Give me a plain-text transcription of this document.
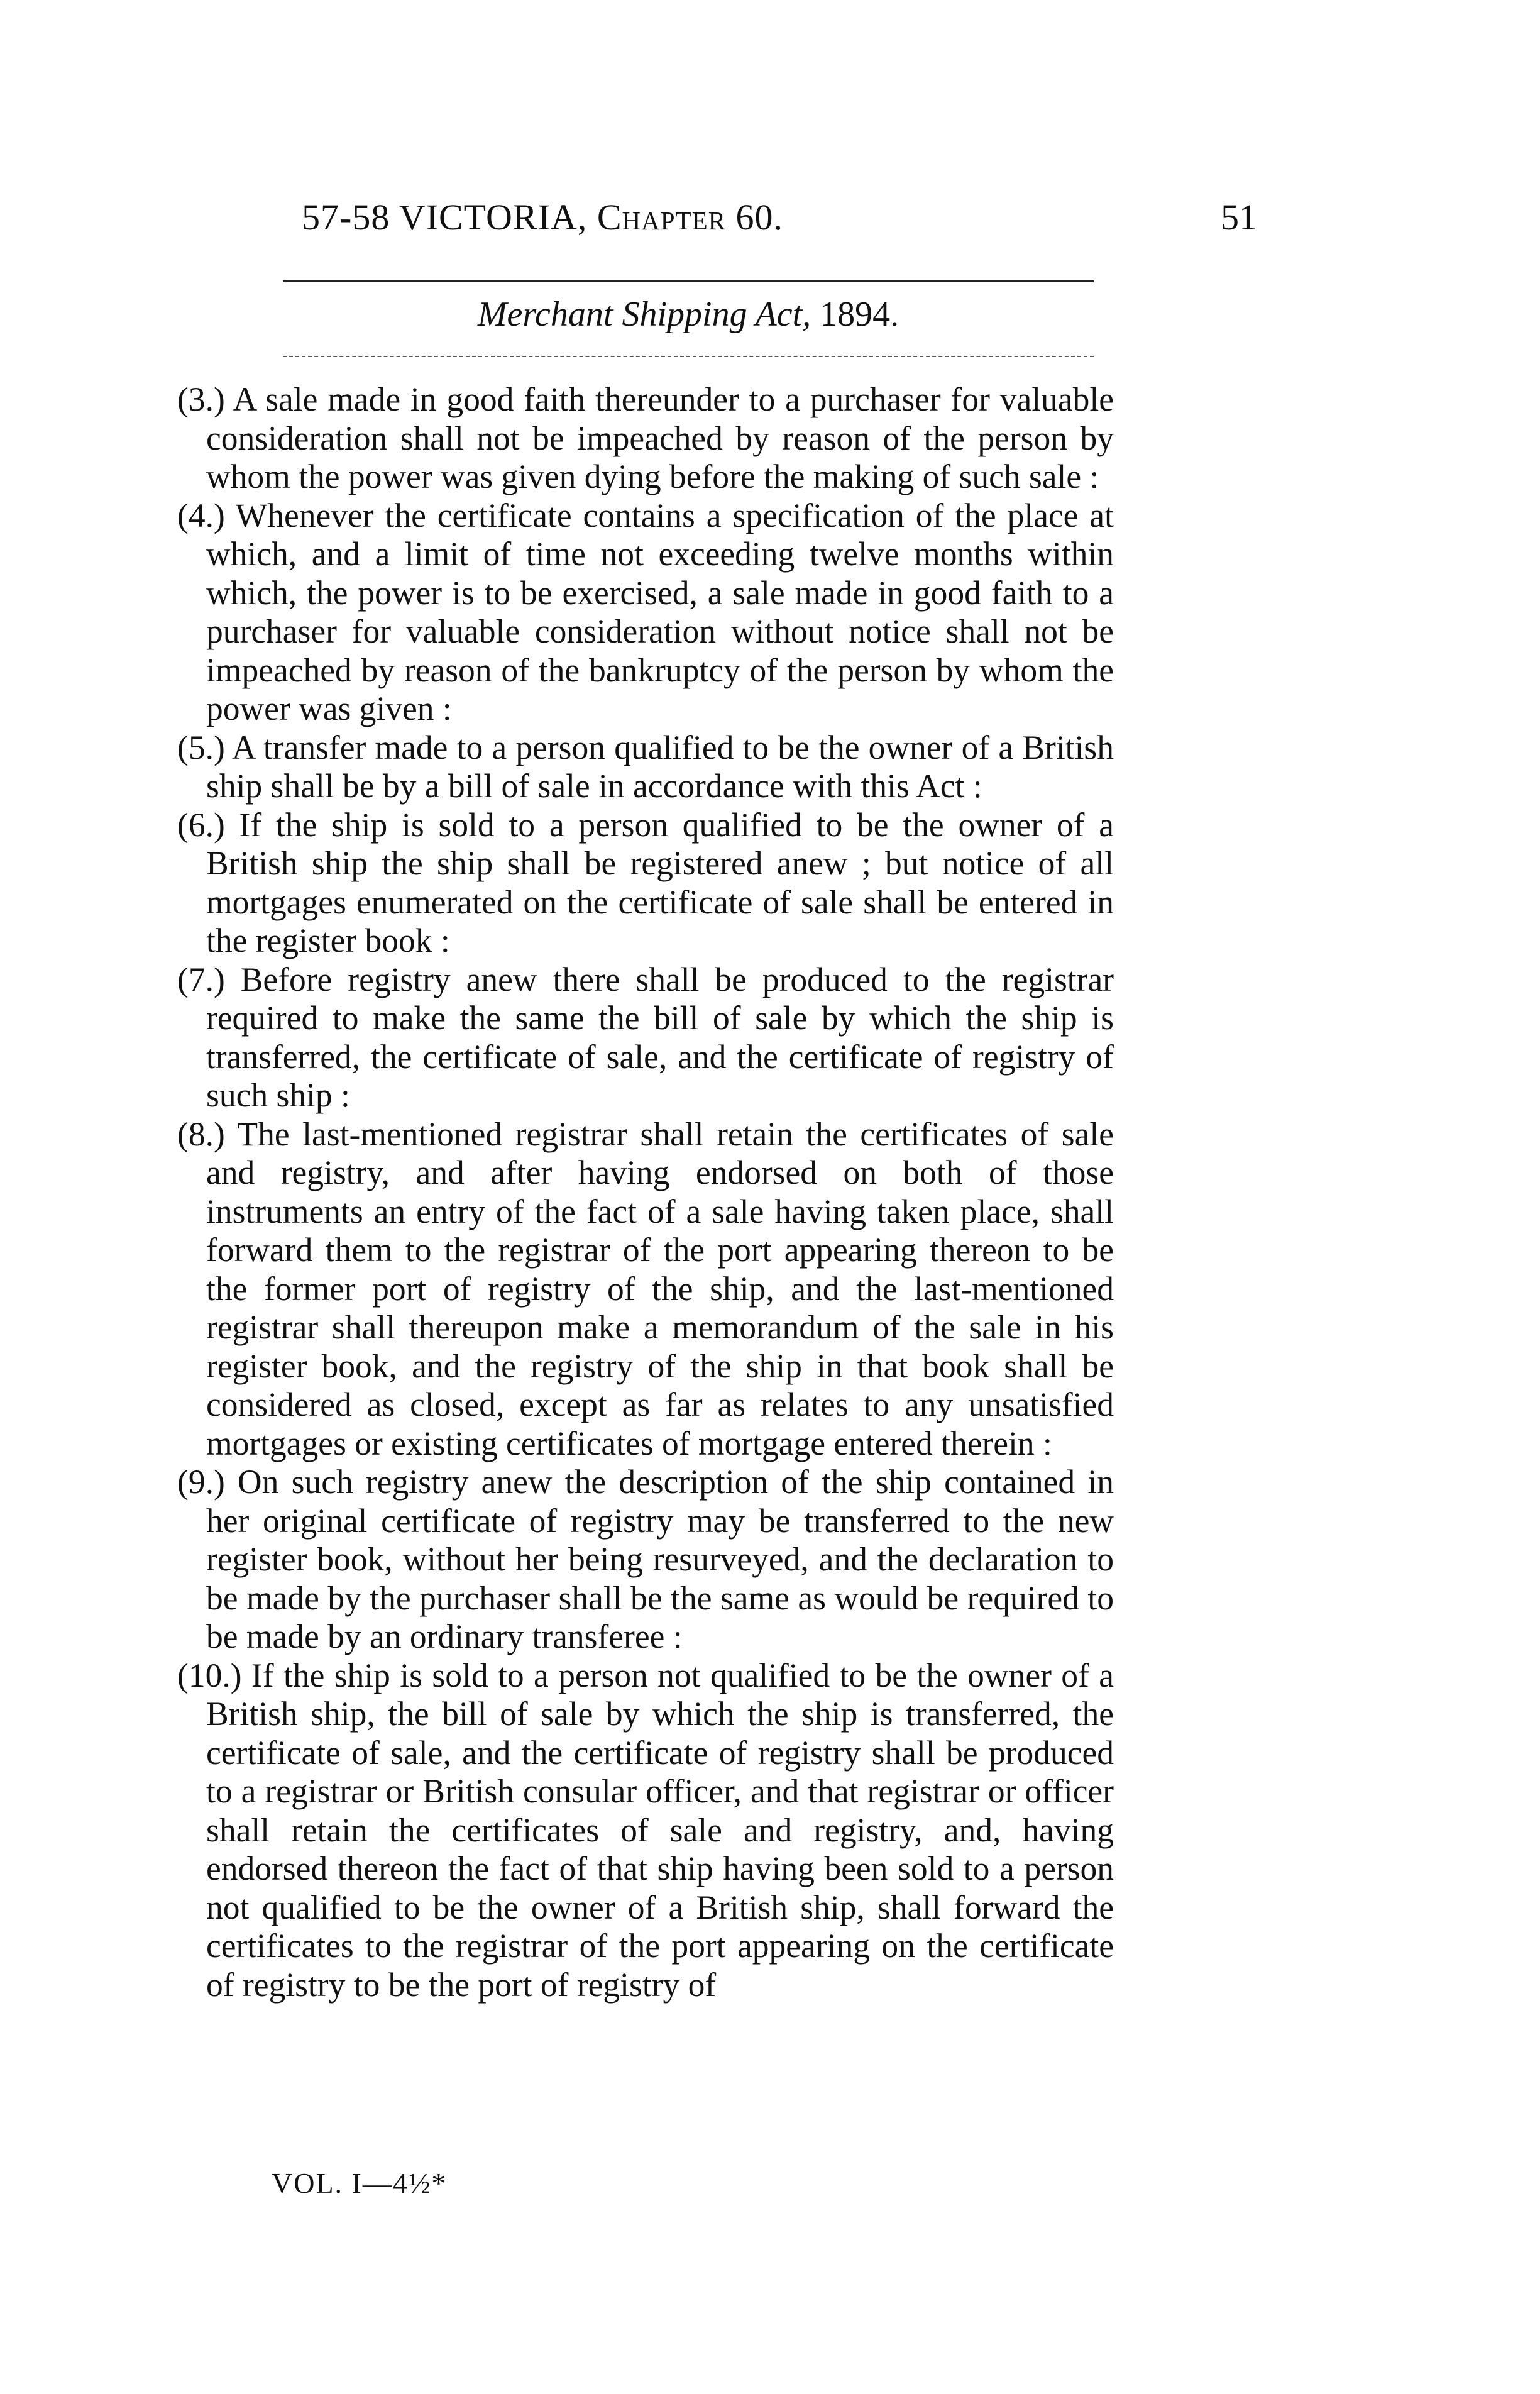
57-58 VICTORIA, Chapter 60.	51
Merchant Shipping Act, 1894.

(3.) A sale made in good faith thereunder to a purchaser for valuable consideration shall not be impeached by reason of the person by whom the power was given dying before the making of such sale :

(4.) Whenever the certificate contains a specification of the place at which, and a limit of time not exceeding twelve months within which, the power is to be exercised, a sale made in good faith to a purchaser for valuable consideration without notice shall not be impeached by reason of the bankruptcy of the person by whom the power was given :

(5.) A transfer made to a person qualified to be the owner of a British ship shall be by a bill of sale in accordance with this Act :

(6.) If the ship is sold to a person qualified to be the owner of a British ship the ship shall be registered anew ; but notice of all mortgages enumerated on the certificate of sale shall be entered in the register book :

(7.) Before registry anew there shall be produced to the registrar required to make the same the bill of sale by which the ship is transferred, the certificate of sale, and the certificate of registry of such ship :

(8.) The last-mentioned registrar shall retain the certificates of sale and registry, and after having endorsed on both of those instruments an entry of the fact of a sale having taken place, shall forward them to the registrar of the port appearing thereon to be the former port of registry of the ship, and the last-mentioned registrar shall thereupon make a memorandum of the sale in his register book, and the registry of the ship in that book shall be considered as closed, except as far as relates to any unsatisfied mortgages or existing certificates of mortgage entered therein :

(9.) On such registry anew the description of the ship contained in her original certificate of registry may be transferred to the new register book, without her being resurveyed, and the declaration to be made by the purchaser shall be the same as would be required to be made by an ordinary transferee :

(10.) If the ship is sold to a person not qualified to be the owner of a British ship, the bill of sale by which the ship is transferred, the certificate of sale, and the certificate of registry shall be produced to a registrar or British consular officer, and that registrar or officer shall retain the certificates of sale and registry, and, having endorsed thereon the fact of that ship having been sold to a person not qualified to be the owner of a British ship, shall forward the certificates to the registrar of the port appearing on the certificate of registry to be the port of registry of

VOL. I—4½*
